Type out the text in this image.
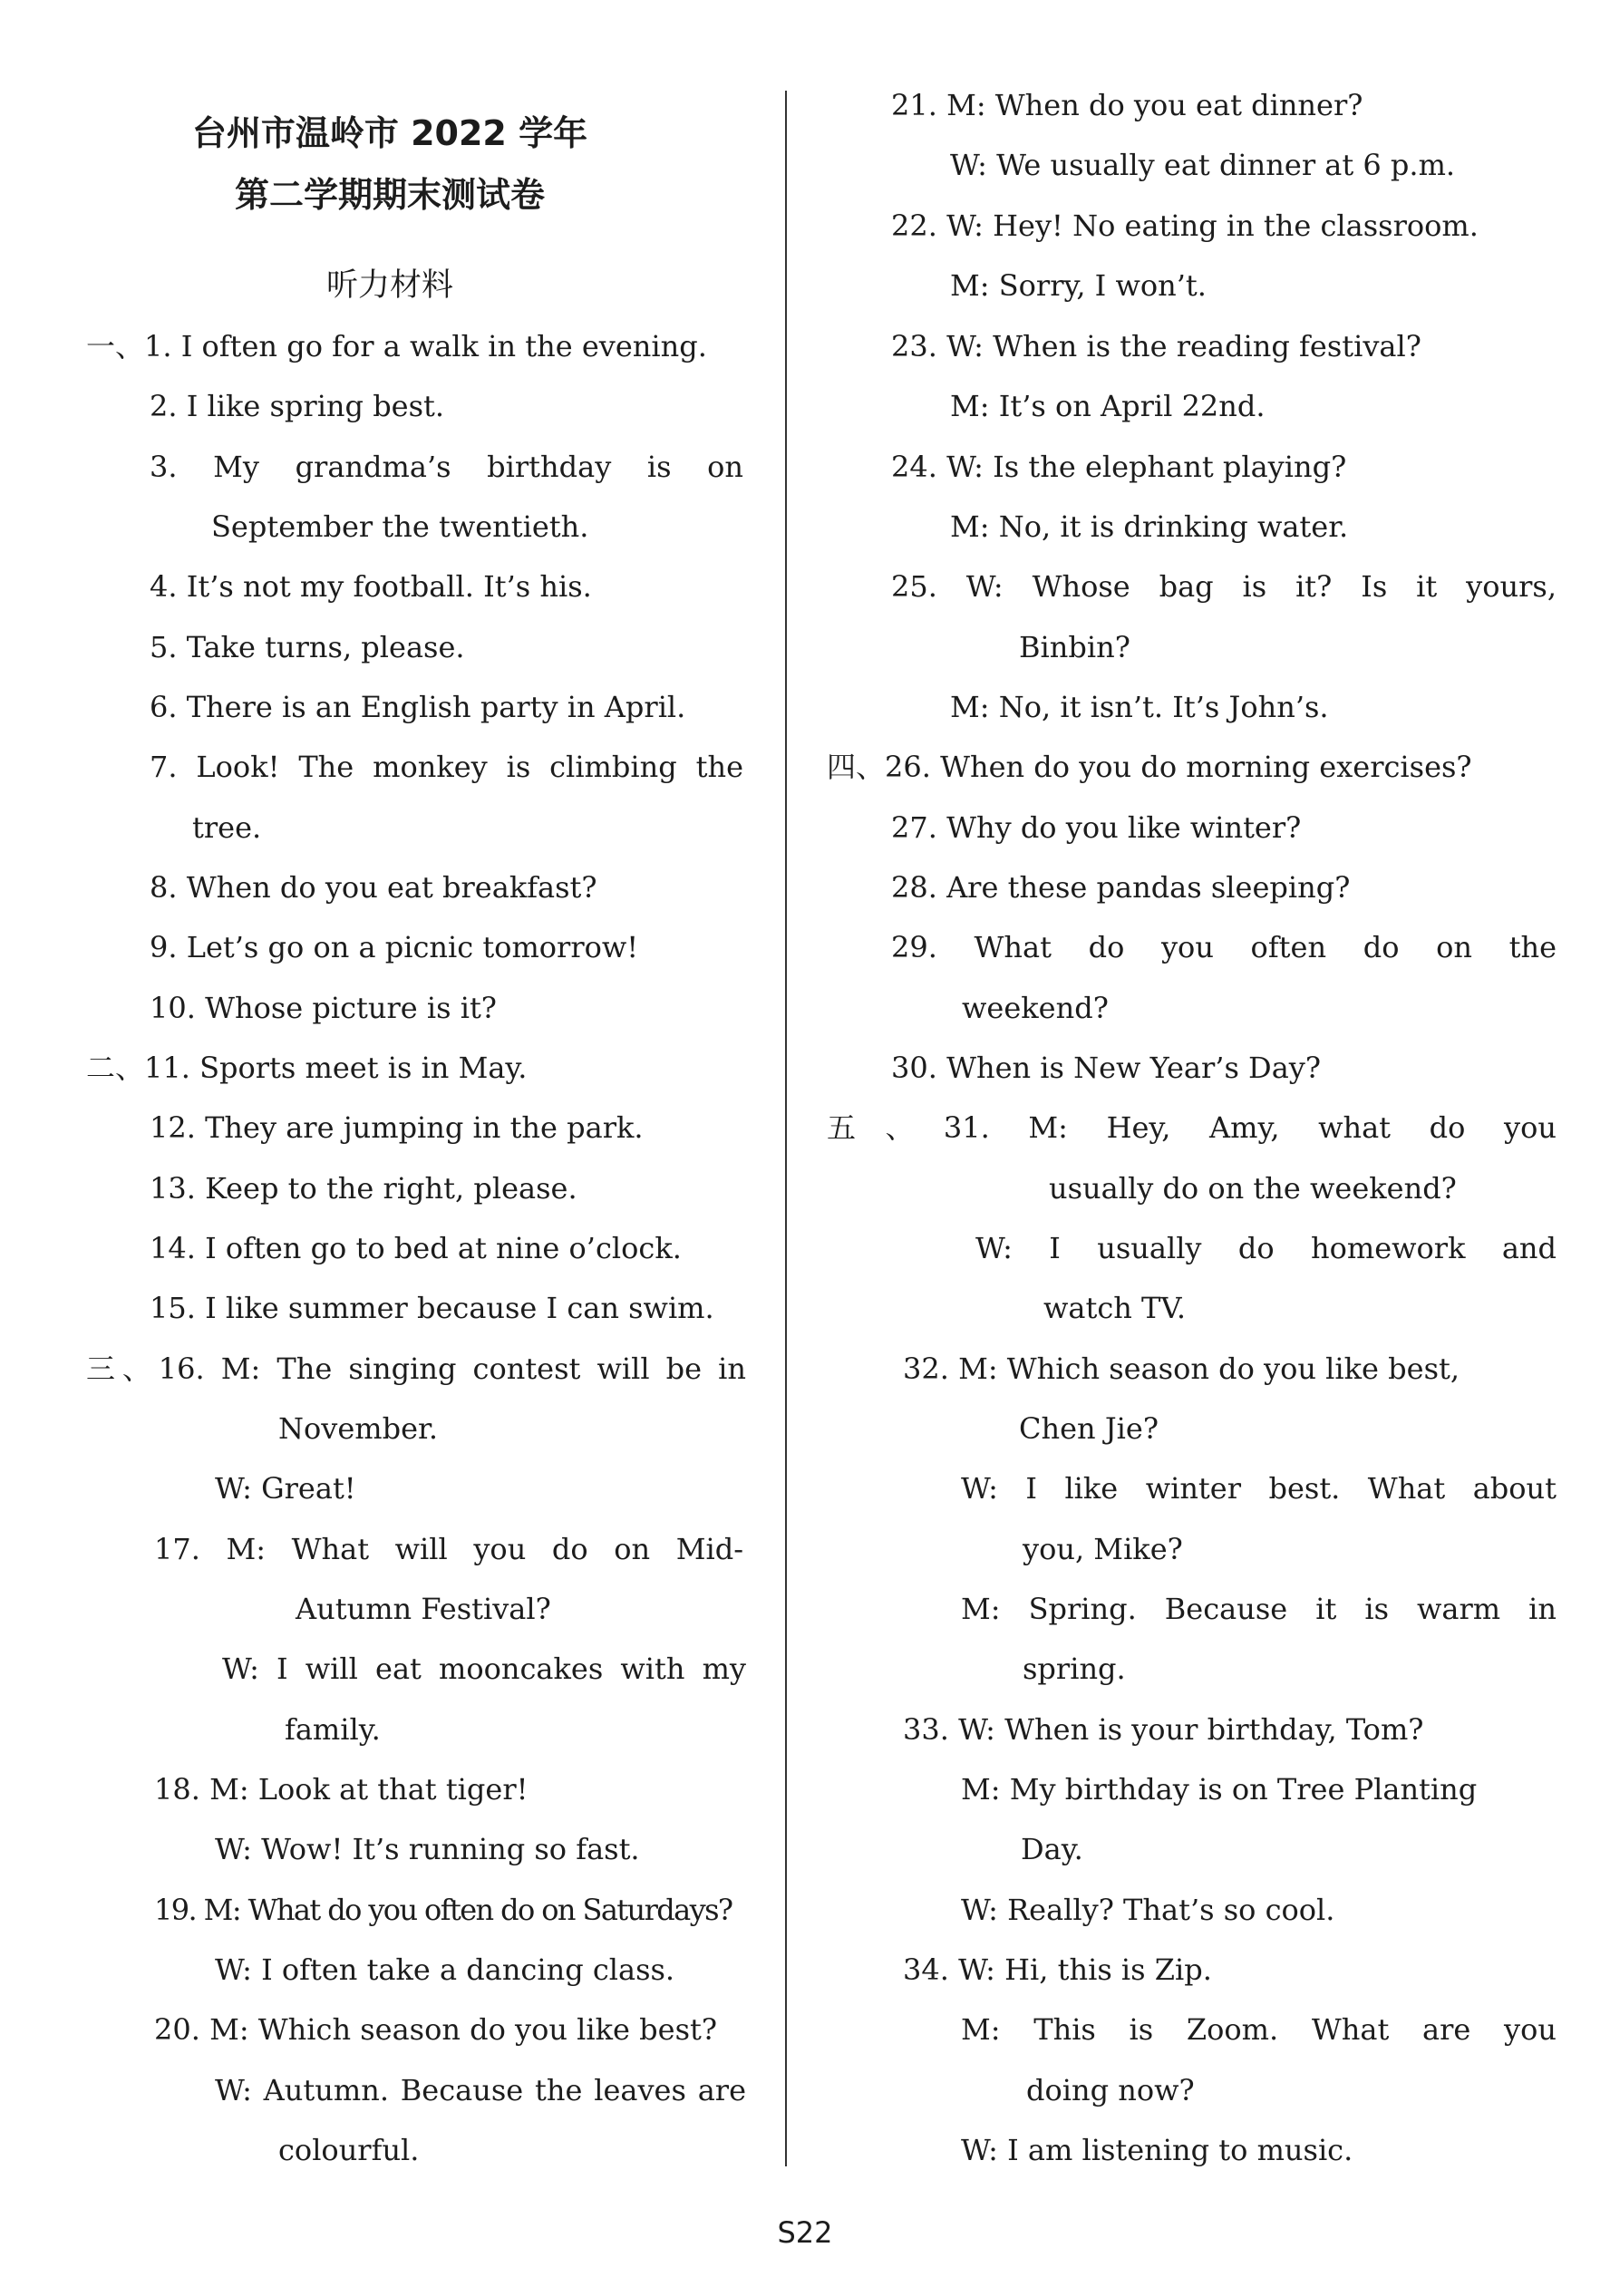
台州市温岭市 2022 学年
第二学期期末测试卷
听力材料
一、1. I often go for a walk in the evening.
2. I like spring best.
3. My grandma’s birthday is on
September the twentieth.
4. It’s not my football. It’s his.
5. Take turns, please.
6. There is an English party in April.
7. Look! The monkey is climbing the
tree.
8. When do you eat breakfast?
9. Let’s go on a picnic tomorrow!
10. Whose picture is it?
二、11. Sports meet is in May.
12. They are jumping in the park.
13. Keep to the right, please.
14. I often go to bed at nine o’clock.
15. I like summer because I can swim.
三、16. M: The singing contest will be in
November.
W: Great!
17. M: What will you do on Mid-
Autumn Festival?
W: I will eat mooncakes with my
family.
18. M: Look at that tiger!
W: Wow! It’s running so fast.
19. M: What do you often do on Saturdays?
W: I often take a dancing class.
20. M: Which season do you like best?
W: Autumn. Because the leaves are
colourful.
21. M: When do you eat dinner?
W: We usually eat dinner at 6 p.m.
22. W: Hey! No eating in the classroom.
M: Sorry, I won’t.
23. W: When is the reading festival?
M: It’s on April 22nd.
24. W: Is the elephant playing?
M: No, it is drinking water.
25. W: Whose bag is it? Is it yours,
Binbin?
M: No, it isn’t. It’s John’s.
四、26. When do you do morning exercises?
27. Why do you like winter?
28. Are these pandas sleeping?
29. What do you often do on the
weekend?
30. When is New Year’s Day?
五、31. M: Hey, Amy, what do you
usually do on the weekend?
W: I usually do homework and
watch TV.
32. M: Which season do you like best,
Chen Jie?
W: I like winter best. What about
you, Mike?
M: Spring. Because it is warm in
spring.
33. W: When is your birthday, Tom?
M: My birthday is on Tree Planting
Day.
W: Really? That’s so cool.
34. W: Hi, this is Zip.
M: This is Zoom. What are you
doing now?
W: I am listening to music.
S22
